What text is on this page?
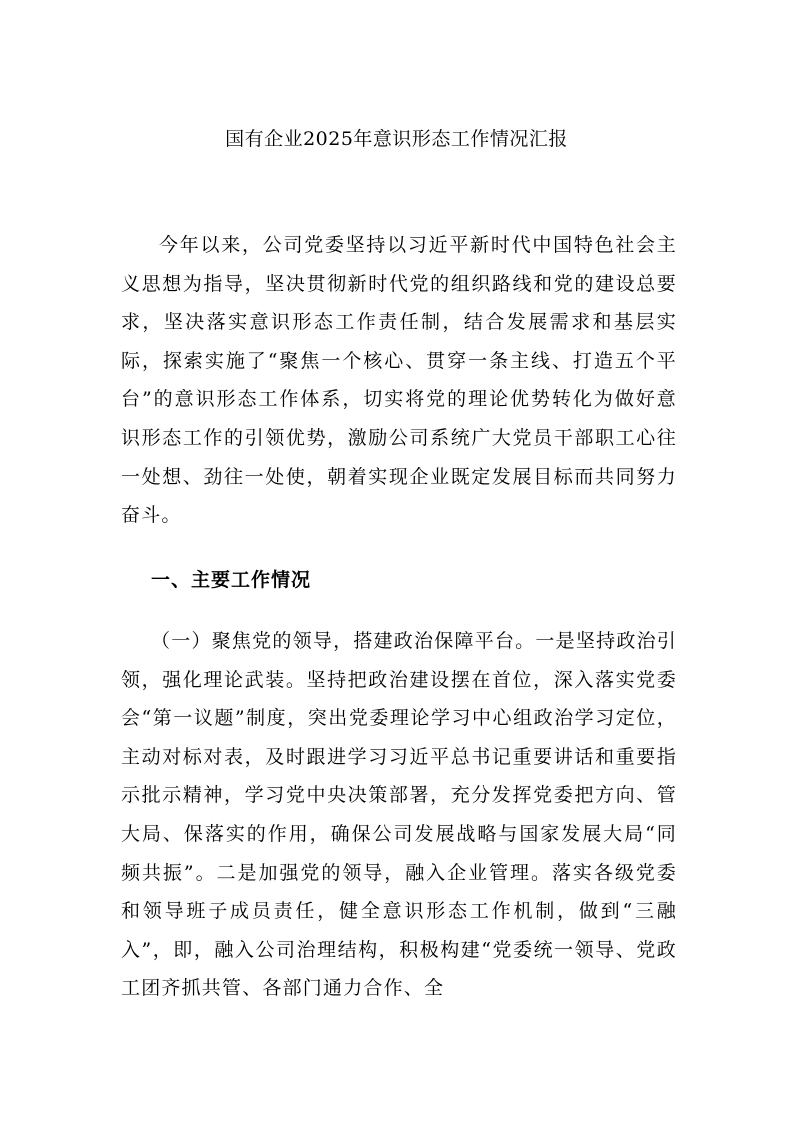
国有企业2025年意识形态工作情况汇报

今年以来，公司党委坚持以习近平新时代中国特色社会主义思想为指导，坚决贯彻新时代党的组织路线和党的建设总要求，坚决落实意识形态工作责任制，结合发展需求和基层实际，探索实施了“聚焦一个核心、贯穿一条主线、打造五个平台”的意识形态工作体系，切实将党的理论优势转化为做好意识形态工作的引领优势，激励公司系统广大党员干部职工心往一处想、劲往一处使，朝着实现企业既定发展目标而共同努力奋斗。

一、主要工作情况

（一）聚焦党的领导，搭建政治保障平台。一是坚持政治引领，强化理论武装。坚持把政治建设摆在首位，深入落实党委会“第一议题”制度，突出党委理论学习中心组政治学习定位，主动对标对表，及时跟进学习习近平总书记重要讲话和重要指示批示精神，学习党中央决策部署，充分发挥党委把方向、管大局、保落实的作用，确保公司发展战略与国家发展大局“同频共振”。二是加强党的领导，融入企业管理。落实各级党委和领导班子成员责任，健全意识形态工作机制，做到“三融入”，即，融入公司治理结构，积极构建“党委统一领导、党政工团齐抓共管、各部门通力合作、全
